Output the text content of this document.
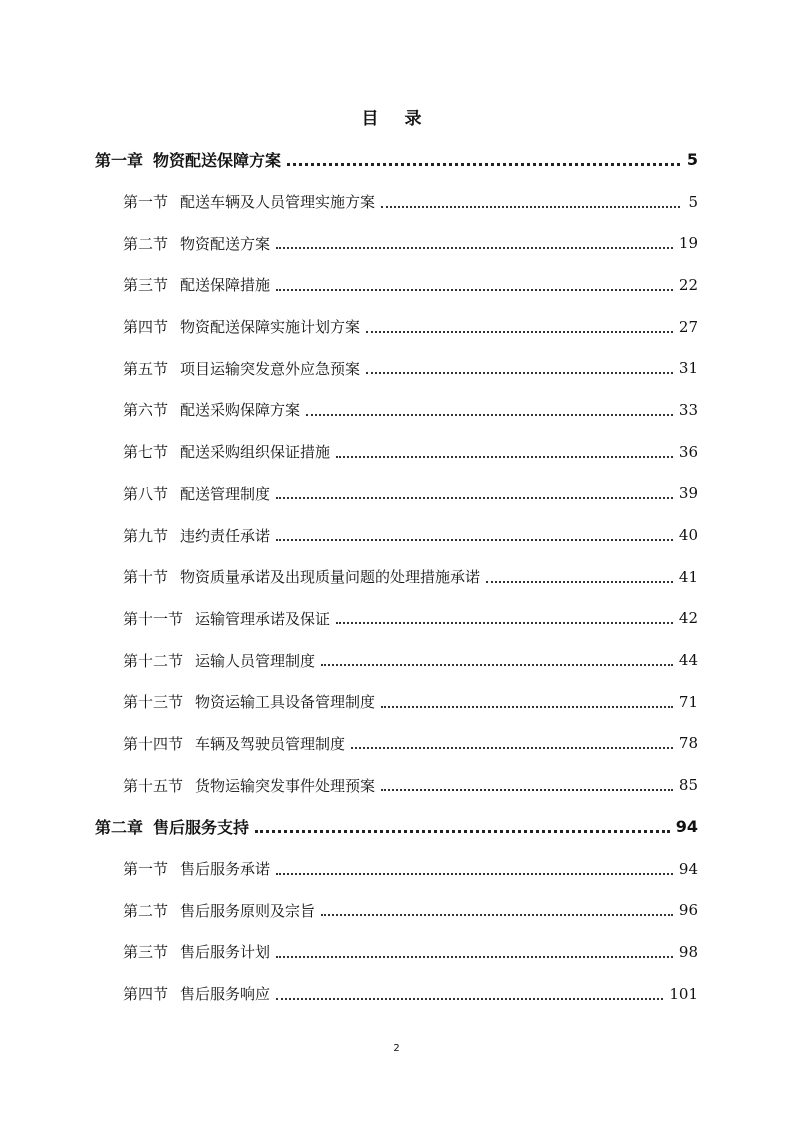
目 录
第一章 物资配送保障方案	5
第一节 配送车辆及人员管理实施方案	5
第二节 物资配送方案	19
第三节 配送保障措施	22
第四节 物资配送保障实施计划方案	27
第五节 项目运输突发意外应急预案	31
第六节 配送采购保障方案	33
第七节 配送采购组织保证措施	36
第八节 配送管理制度	39
第九节 违约责任承诺	40
第十节 物资质量承诺及出现质量问题的处理措施承诺	41
第十一节 运输管理承诺及保证	42
第十二节 运输人员管理制度	44
第十三节 物资运输工具设备管理制度	71
第十四节 车辆及驾驶员管理制度	78
第十五节 货物运输突发事件处理预案	85
第二章 售后服务支持	94
第一节 售后服务承诺	94
第二节 售后服务原则及宗旨	96
第三节 售后服务计划	98
第四节 售后服务响应	101
2
